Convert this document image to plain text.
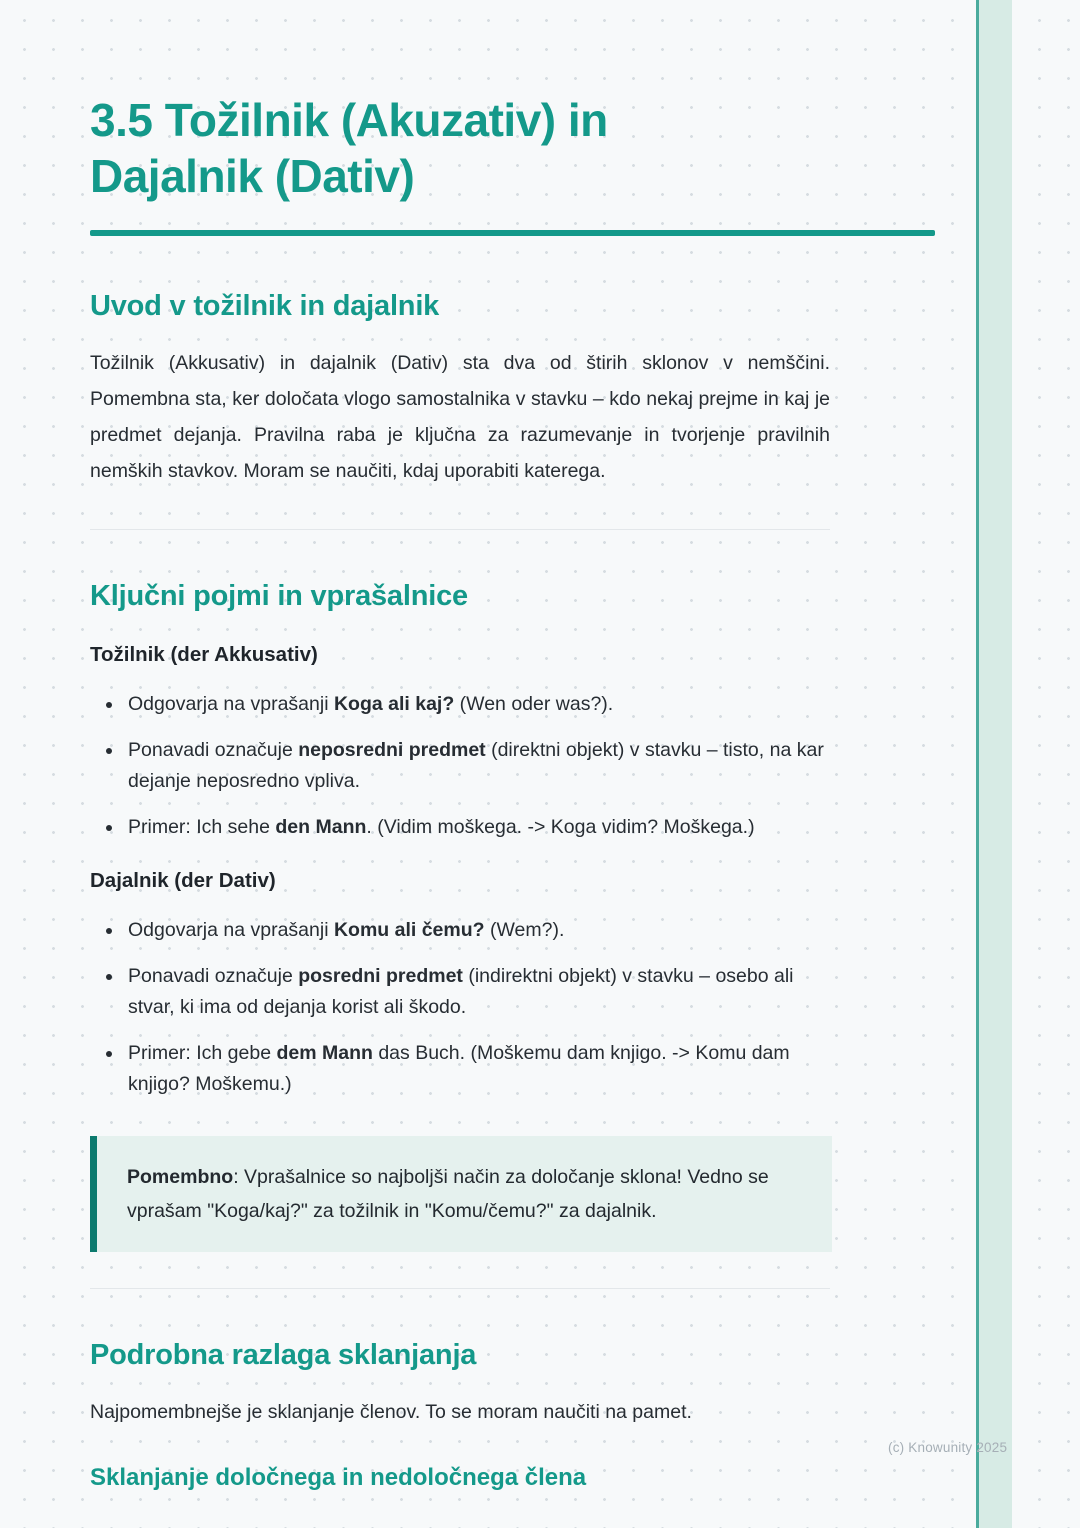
3.5 Tožilnik (Akuzativ) in
Dajalnik (Dativ)
Uvod v tožilnik in dajalnik

Tožilnik (Akkusativ) in dajalnik (Dativ) sta dva od štirih sklonov v nemščini. Pomembna sta, ker določata vlogo samostalnika v stavku – kdo nekaj prejme in kaj je predmet dejanja. Pravilna raba je ključna za razumevanje in tvorjenje pravilnih nemških stavkov. Moram se naučiti, kdaj uporabiti katerega.

Ključni pojmi in vprašalnice
Tožilnik (der Akkusativ)
• Odgovarja na vprašanji Koga ali kaj? (Wen oder was?).
• Ponavadi označuje neposredni predmet (direktni objekt) v stavku – tisto, na kar dejanje neposredno vpliva.
• Primer: Ich sehe den Mann. (Vidim moškega. -> Koga vidim? Moškega.)
Dajalnik (der Dativ)
• Odgovarja na vprašanji Komu ali čemu? (Wem?).
• Ponavadi označuje posredni predmet (indirektni objekt) v stavku – osebo ali stvar, ki ima od dejanja korist ali škodo.
• Primer: Ich gebe dem Mann das Buch. (Moškemu dam knjigo. -> Komu dam knjigo? Moškemu.)
Pomembno: Vprašalnice so najboljši način za določanje sklona! Vedno se vprašam "Koga/kaj?" za tožilnik in "Komu/čemu?" za dajalnik.
Podrobna razlaga sklanjanja

Najpomembnejše je sklanjanje členov. To se moram naučiti na pamet.

Sklanjanje določnega in nedoločnega člena
(c) Knowunity 2025
